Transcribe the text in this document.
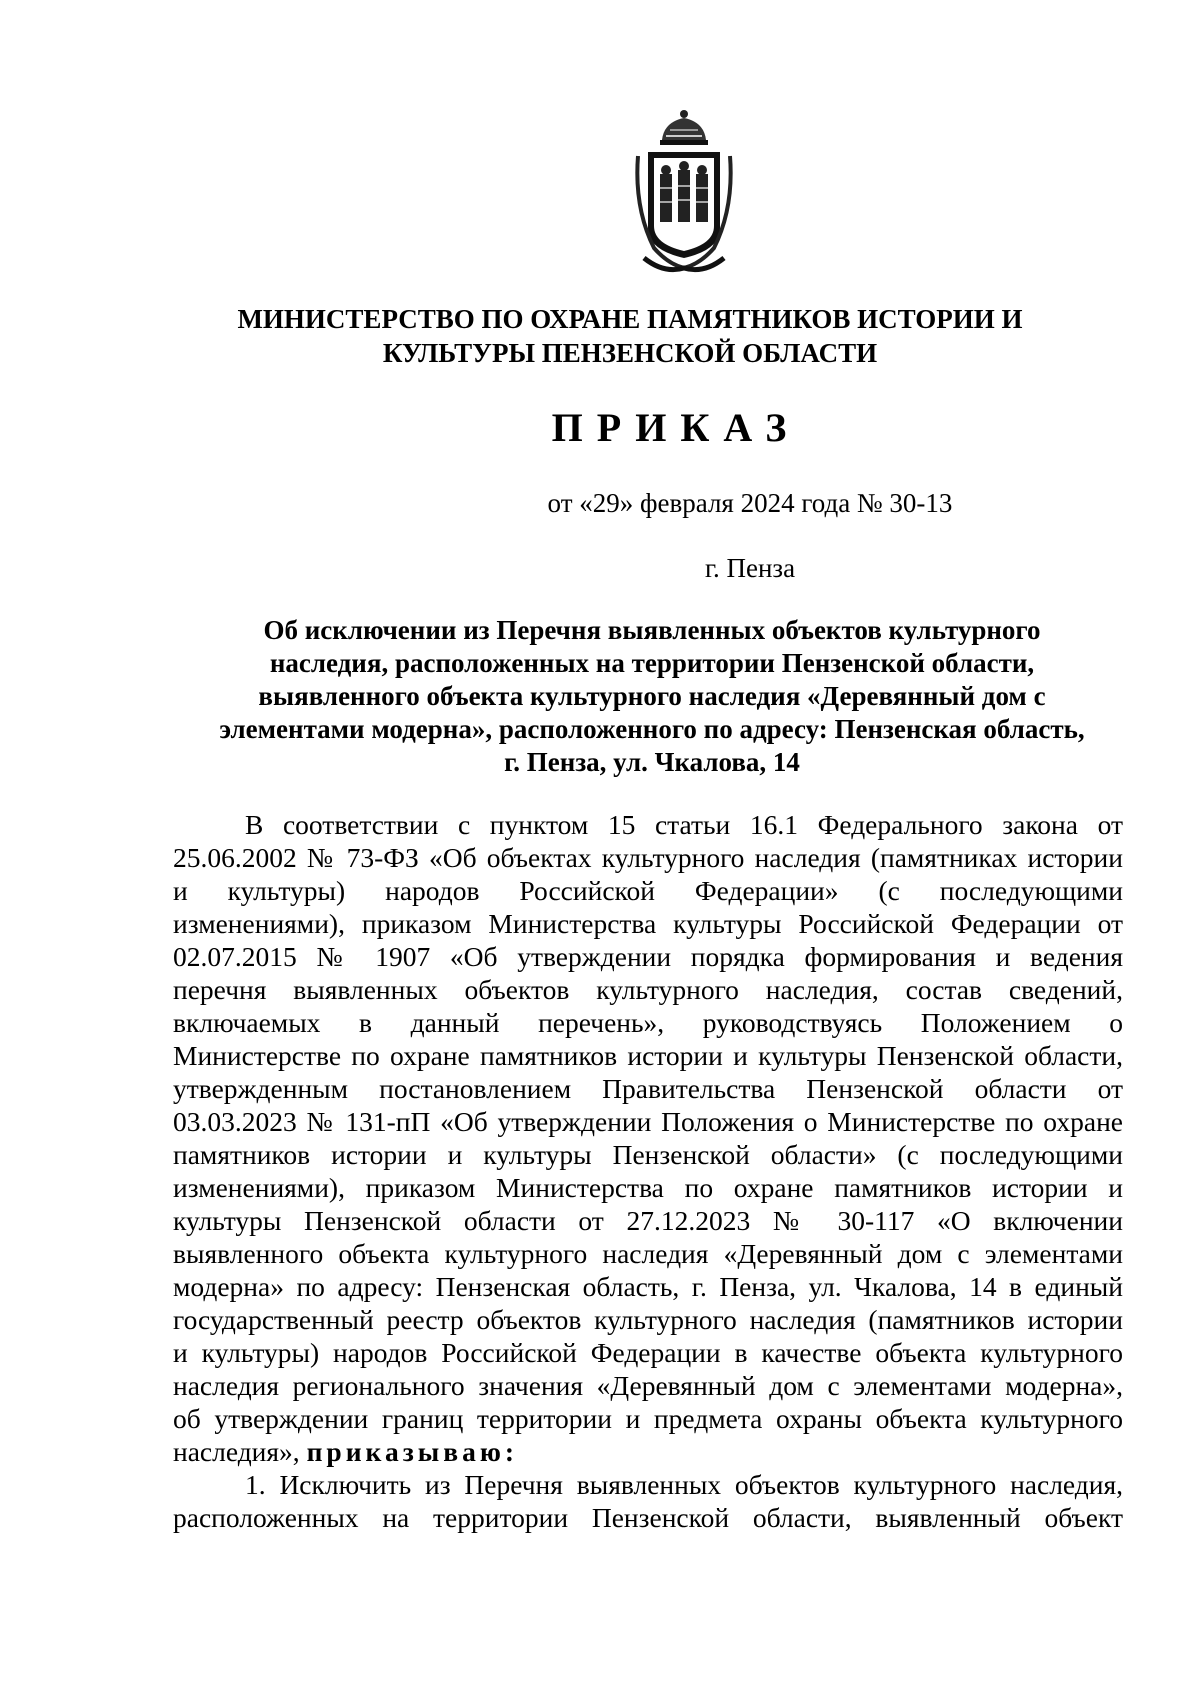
МИНИСТЕРСТВО ПО ОХРАНЕ ПАМЯТНИКОВ ИСТОРИИ И
КУЛЬТУРЫ ПЕНЗЕНСКОЙ ОБЛАСТИ
ПРИКАЗ
от «29» февраля 2024 года № 30-13
г. Пенза
Об исключении из Перечня выявленных объектов культурного
наследия, расположенных на территории Пензенской области,
выявленного объекта культурного наследия «Деревянный дом с
элементами модерна», расположенного по адресу: Пензенская область,
г. Пенза, ул. Чкалова, 14
В соответствии с пунктом 15 статьи 16.1 Федерального закона от
25.06.2002 № 73-ФЗ «Об объектах культурного наследия (памятниках истории
и культуры) народов Российской Федерации» (с последующими
изменениями), приказом Министерства культуры Российской Федерации от
02.07.2015 № 1907 «Об утверждении порядка формирования и ведения
перечня выявленных объектов культурного наследия, состав сведений,
включаемых в данный перечень», руководствуясь Положением о
Министерстве по охране памятников истории и культуры Пензенской области,
утвержденным постановлением Правительства Пензенской области от
03.03.2023 № 131-пП «Об утверждении Положения о Министерстве по охране
памятников истории и культуры Пензенской области» (с последующими
изменениями), приказом Министерства по охране памятников истории и
культуры Пензенской области от 27.12.2023 № 30-117 «О включении
выявленного объекта культурного наследия «Деревянный дом с элементами
модерна» по адресу: Пензенская область, г. Пенза, ул. Чкалова, 14 в единый
государственный реестр объектов культурного наследия (памятников истории
и культуры) народов Российской Федерации в качестве объекта культурного
наследия регионального значения «Деревянный дом с элементами модерна»,
об утверждении границ территории и предмета охраны объекта культурного
наследия», приказываю:
1. Исключить из Перечня выявленных объектов культурного наследия,
расположенных на территории Пензенской области, выявленный объект
